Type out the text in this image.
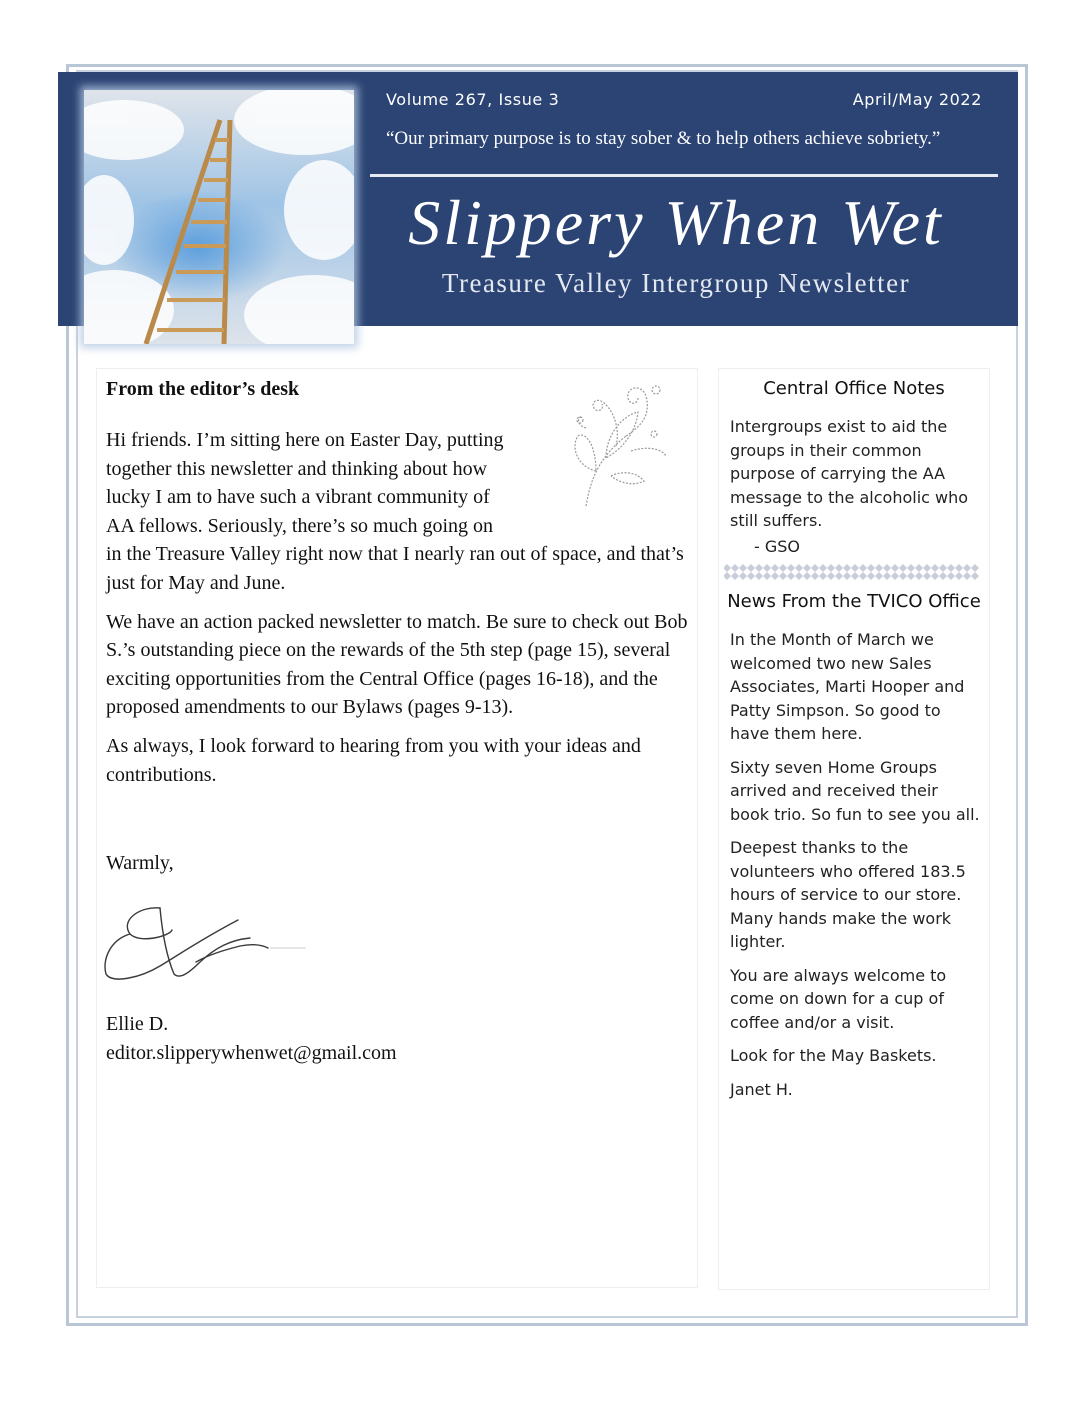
Volume 267, Issue 3	April/May 2022
“Our primary purpose is to stay sober & to help others achieve sobriety.”
Slippery When Wet
Treasure Valley Intergroup Newsletter
From the editor’s desk

Hi friends. I’m sitting here on Easter Day, putting together this newsletter and thinking about how lucky I am to have such a vibrant community of AA fellows. Seriously, there’s so much going on in the Treasure Valley right now that I nearly ran out of space, and that’s just for May and June.

We have an action packed newsletter to match. Be sure to check out Bob S.’s outstanding piece on the rewards of the 5th step (page 15), several exciting opportunities from the Central Office (pages 16-18), and the proposed amendments to our Bylaws (pages 9-13).

As always, I look forward to hearing from you with your ideas and contributions.

Warmly,
Ellie D.
editor.slipperywhenwet@gmail.com
Central Office Notes
Intergroups exist to aid the groups in their common purpose of carrying the AA message to the alcoholic who still suffers.
- GSO
News From the TVICO Office

In the Month of March we welcomed two new Sales Associates, Marti Hooper and Patty Simpson. So good to have them here.

Sixty seven Home Groups arrived and received their book trio. So fun to see you all.

Deepest thanks to the volunteers who offered 183.5 hours of service to our store. Many hands make the work lighter.

You are always welcome to come on down for a cup of coffee and/or a visit.

Look for the May Baskets.

Janet H.
